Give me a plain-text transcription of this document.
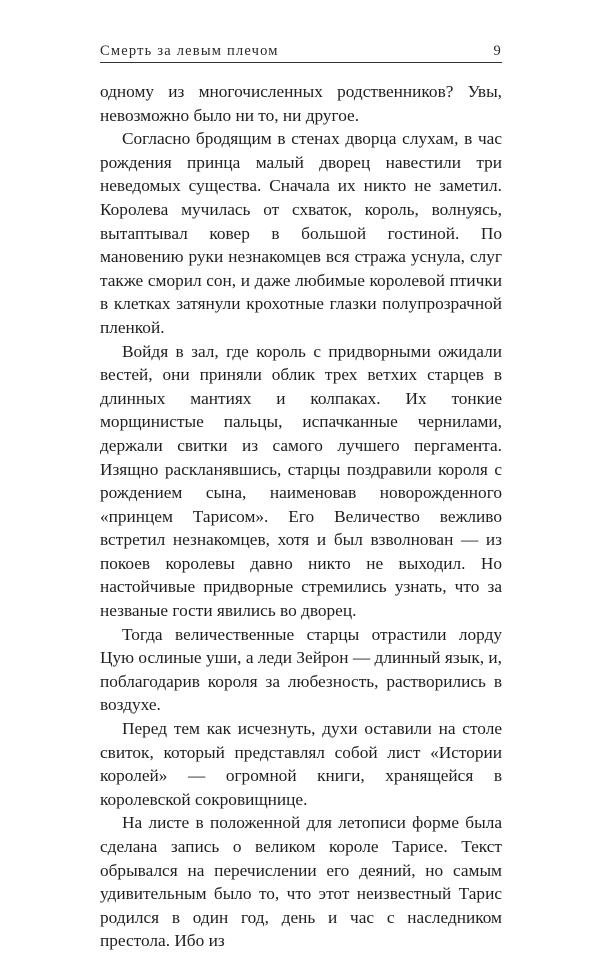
Смерть за левым плечом	9

одному из многочисленных родственников? Увы, невозможно было ни то, ни другое.

Согласно бродящим в стенах дворца слухам, в час рождения принца малый дворец навестили три неведомых существа. Сначала их никто не заметил. Королева мучилась от схваток, король, волнуясь, вытаптывал ковер в большой гостиной. По мановению руки незнакомцев вся стража уснула, слуг также сморил сон, и даже любимые королевой птички в клетках затянули крохотные глазки полупрозрачной пленкой.

Войдя в зал, где король с придворными ожидали вестей, они приняли облик трех ветхих старцев в длинных мантиях и колпаках. Их тонкие морщинистые пальцы, испачканные чернилами, держали свитки из самого лучшего пергамента. Изящно раскланявшись, старцы поздравили короля с рождением сына, наименовав новорожденного «принцем Тарисом». Его Величество вежливо встретил незнакомцев, хотя и был взволнован — из покоев королевы давно никто не выходил. Но настойчивые придворные стремились узнать, что за незваные гости явились во дворец.

Тогда величественные старцы отрастили лорду Цую ослиные уши, а леди Зейрон — длинный язык, и, поблагодарив короля за любезность, растворились в воздухе.

Перед тем как исчезнуть, духи оставили на столе свиток, который представлял собой лист «Истории королей» — огромной книги, хранящейся в королевской сокровищнице.

На листе в положенной для летописи форме была сделана запись о великом короле Тарисе. Текст обрывался на перечислении его деяний, но самым удивительным было то, что этот неизвестный Тарис родился в один год, день и час с наследником престола. Ибо из
